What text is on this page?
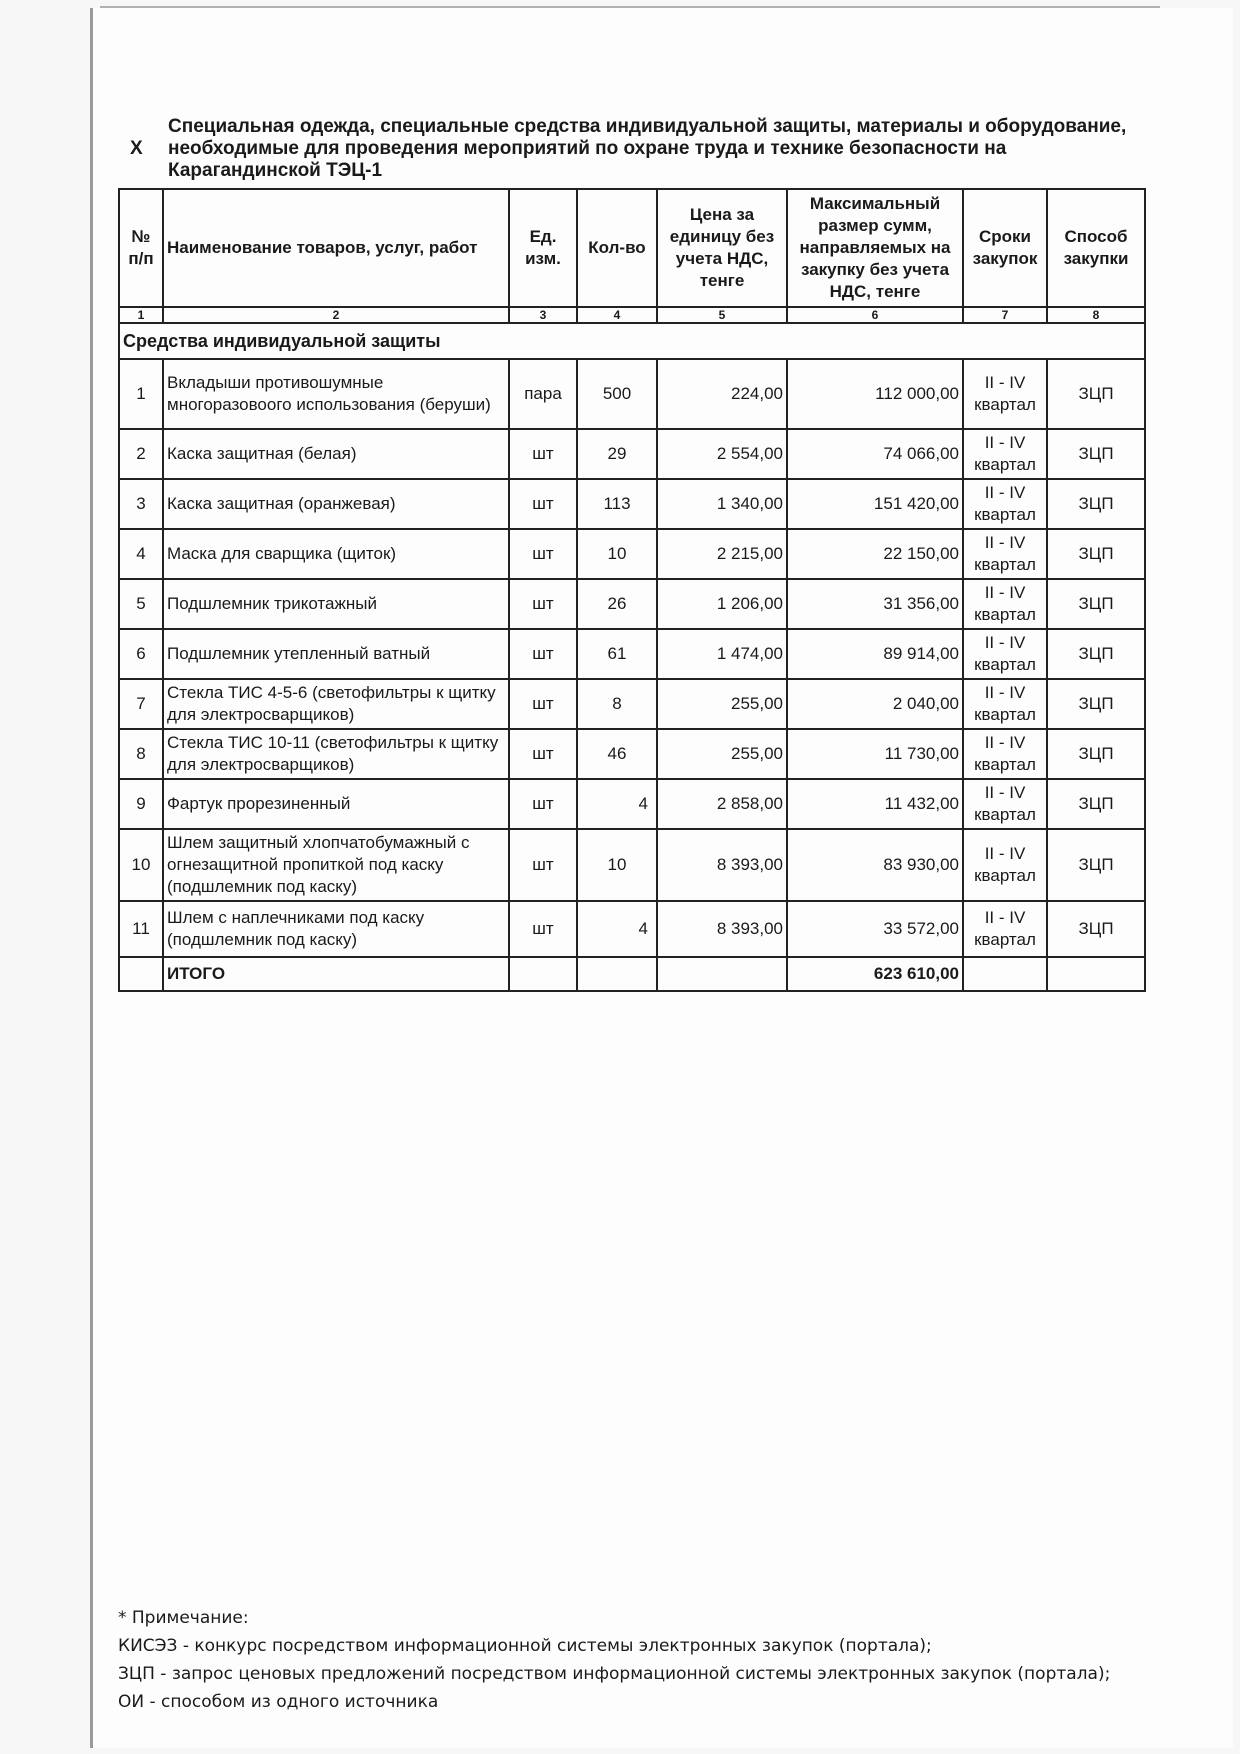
X
Специальная одежда, специальные средства индивидуальной защиты, материалы и оборудование, необходимые для проведения мероприятий по охране труда и технике безопасности на Карагандинской ТЭЦ-1
№ п/п	Наименование товаров, услуг, работ	Ед. изм.	Кол-во	Цена за единицу без учета НДС, тенге	Максимальный размер сумм, направляемых на закупку без учета НДС, тенге	Сроки закупок	Способ закупки
1	2	3	4	5	6	7	8
Средства индивидуальной защиты							
1	Вкладыши противошумные многоразовоого использования (беруши)	пара	500	224,00	112 000,00	II - IV квартал	ЗЦП
2	Каска защитная (белая)	шт	29	2 554,00	74 066,00	II - IV квартал	ЗЦП
3	Каска защитная (оранжевая)	шт	113	1 340,00	151 420,00	II - IV квартал	ЗЦП
4	Маска для сварщика (щиток)	шт	10	2 215,00	22 150,00	II - IV квартал	ЗЦП
5	Подшлемник трикотажный	шт	26	1 206,00	31 356,00	II - IV квартал	ЗЦП
6	Подшлемник утепленный ватный	шт	61	1 474,00	89 914,00	II - IV квартал	ЗЦП
7	Стекла ТИС 4-5-6 (светофильтры к щитку для электросварщиков)	шт	8	255,00	2 040,00	II - IV квартал	ЗЦП
8	Стекла ТИС 10-11 (светофильтры к щитку для электросварщиков)	шт	46	255,00	11 730,00	II - IV квартал	ЗЦП
9	Фартук прорезиненный	шт	4	2 858,00	11 432,00	II - IV квартал	ЗЦП
10	Шлем защитный хлопчатобумажный с огнезащитной пропиткой под каску (подшлемник под каску)	шт	10	8 393,00	83 930,00	II - IV квартал	ЗЦП
11	Шлем с наплечниками под каску (подшлемник под каску)	шт	4	8 393,00	33 572,00	II - IV квартал	ЗЦП
	ИТОГО				623 610,00		
* Примечание:
КИСЭЗ - конкурс посредством информационной системы электронных закупок (портала);
ЗЦП - запрос ценовых предложений посредством информационной системы электронных закупок (портала);
ОИ - способом из одного источника
